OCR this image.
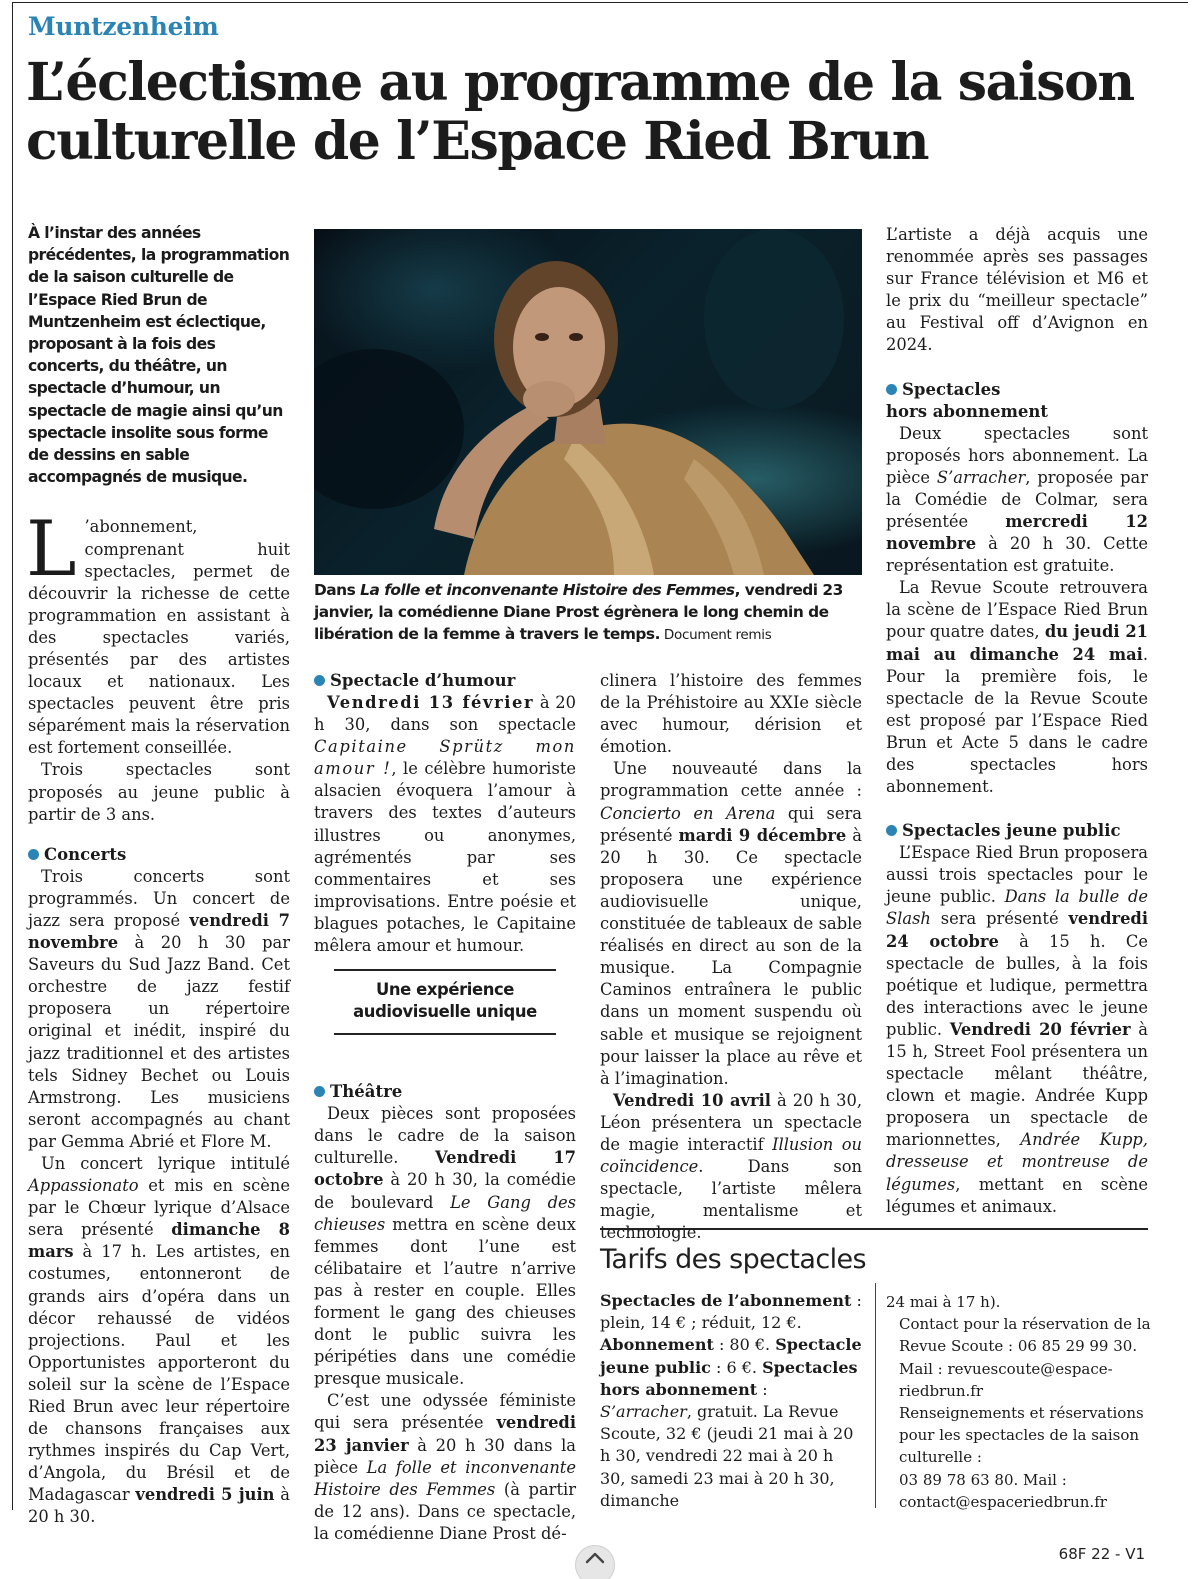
Muntzenheim
L’éclectisme au programme de la saison culturelle de l’Espace Ried Brun
À l’instar des années précédentes, la programmation de la saison culturelle de l’Espace Ried Brun de Muntzenheim est éclectique, proposant à la fois des concerts, du théâtre, un spectacle d’humour, un spectacle de magie ainsi qu’un spectacle insolite sous forme de dessins en sable accompagnés de musique.

L ’abonnement, comprenant huit spectacles, permet de découvrir la richesse de cette programmation en assistant à des spectacles variés, présentés par des artistes locaux et nationaux. Les spectacles peuvent être pris séparément mais la réservation est fortement conseillée.

Trois spectacles sont proposés au jeune public à partir de 3 ans.

Concerts

Trois concerts sont programmés. Un concert de jazz sera proposé vendredi 7 novembre à 20 h 30 par Saveurs du Sud Jazz Band. Cet orchestre de jazz festif proposera un répertoire original et inédit, inspiré du jazz traditionnel et des artistes tels Sidney Bechet ou Louis Armstrong. Les musiciens seront accompagnés au chant par Gemma Abrié et Flore M.

Un concert lyrique intitulé Appassionato et mis en scène par le Chœur lyrique d’Alsace sera présenté dimanche 8 mars à 17 h. Les artistes, en costumes, entonneront de grands airs d’opéra dans un décor rehaussé de vidéos projections. Paul et les Opportunistes apporteront du soleil sur la scène de l’Espace Ried Brun avec leur répertoire de chansons françaises aux rythmes inspirés du Cap Vert, d’Angola, du Brésil et de Madagascar vendredi 5 juin à 20 h 30.

Dans La folle et inconvenante Histoire des Femmes, vendredi 23 janvier, la comédienne Diane Prost égrènera le long chemin de libération de la femme à travers le temps. Document remis
Spectacle d’humour

Vendredi 13 février à 20 h 30, dans son spectacle Capitaine Sprütz mon amour !, le célèbre humoriste alsacien évoquera l’amour à travers des textes d’auteurs illustres ou anonymes, agrémentés par ses commentaires et ses improvisations. Entre poésie et blagues potaches, le Capitaine mêlera amour et humour.

Une expérience audiovisuelle unique
Théâtre

Deux pièces sont proposées dans le cadre de la saison culturelle. Vendredi 17 octobre à 20 h 30, la comédie de boulevard Le Gang des chieuses mettra en scène deux femmes dont l’une est célibataire et l’autre n’arrive pas à rester en couple. Elles forment le gang des chieuses dont le public suivra les péripéties dans une comédie presque musicale.

C’est une odyssée féministe qui sera présentée vendredi 23 janvier à 20 h 30 dans la pièce La folle et inconvenante Histoire des Femmes (à partir de 12 ans). Dans ce spectacle, la comédienne Diane Prost dé-

clinera l’histoire des femmes de la Préhistoire au XXIe siècle avec humour, dérision et émotion.

Une nouveauté dans la programmation cette année : Concierto en Arena qui sera présenté mardi 9 décembre à 20 h 30. Ce spectacle proposera une expérience audiovisuelle unique, constituée de tableaux de sable réalisés en direct au son de la musique. La Compagnie Caminos entraînera le public dans un moment suspendu où sable et musique se rejoignent pour laisser la place au rêve et à l’imagination.

Vendredi 10 avril à 20 h 30, Léon présentera un spectacle de magie interactif Illusion ou coïncidence. Dans son spectacle, l’artiste mêlera magie, mentalisme et technologie.

L’artiste a déjà acquis une renommée après ses passages sur France télévision et M6 et le prix du “meilleur spectacle” au Festival off d’Avignon en 2024.

Spectacles
hors abonnement

Deux spectacles sont proposés hors abonnement. La pièce S’arracher, proposée par la Comédie de Colmar, sera présentée mercredi 12 novembre à 20 h 30. Cette représentation est gratuite.

La Revue Scoute retrouvera la scène de l’Espace Ried Brun pour quatre dates, du jeudi 21 mai au dimanche 24 mai. Pour la première fois, le spectacle de la Revue Scoute est proposé par l’Espace Ried Brun et Acte 5 dans le cadre des spectacles hors abonnement.

Spectacles jeune public

L’Espace Ried Brun proposera aussi trois spectacles pour le jeune public. Dans la bulle de Slash sera présenté vendredi 24 octobre à 15 h. Ce spectacle de bulles, à la fois poétique et ludique, permettra des interactions avec le jeune public. Vendredi 20 février à 15 h, Street Fool présentera un spectacle mêlant théâtre, clown et magie. Andrée Kupp proposera un spectacle de marionnettes, Andrée Kupp, dresseuse et montreuse de légumes, mettant en scène légumes et animaux.

Tarifs des spectacles
Spectacles de l’abonnement : plein, 14 € ; réduit, 12 €. Abonnement : 80 €. Spectacle jeune public : 6 €. Spectacles hors abonnement : S’arracher, gratuit. La Revue Scoute, 32 € (jeudi 21 mai à 20 h 30, vendredi 22 mai à 20 h 30, samedi 23 mai à 20 h 30, dimanche

24 mai à 17 h).

Contact pour la réservation de la Revue Scoute : 06 85 29 99 30.

Mail : revuescoute@espace-riedbrun.fr

Renseignements et réservations pour les spectacles de la saison culturelle :

03 89 78 63 80. Mail : contact@espaceriedbrun.fr

68F 22 - V1
